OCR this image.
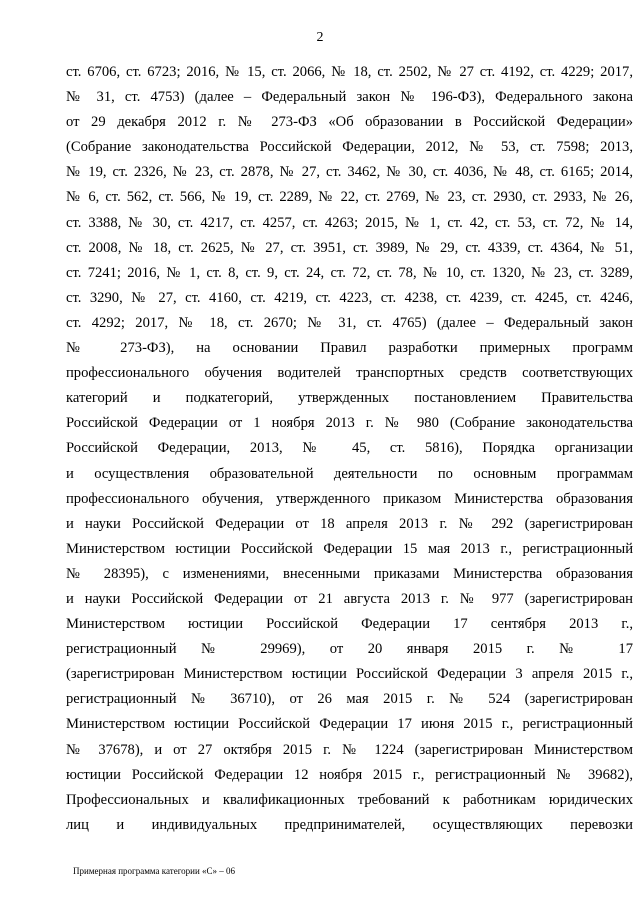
2
ст. 6706, ст. 6723; 2016, № 15, ст. 2066, № 18, ст. 2502, № 27 ст. 4192, ст. 4229; 2017,
№ 31, ст. 4753) (далее – Федеральный закон № 196-ФЗ), Федерального закона
от 29 декабря 2012 г. № 273-ФЗ «Об образовании в Российской Федерации»
(Собрание законодательства Российской Федерации, 2012, № 53, ст. 7598; 2013,
№ 19, ст. 2326, № 23, ст. 2878, № 27, ст. 3462, № 30, ст. 4036, № 48, ст. 6165; 2014,
№ 6, ст. 562, ст. 566, № 19, ст. 2289, № 22, ст. 2769, № 23, ст. 2930, ст. 2933, № 26,
ст. 3388, № 30, ст. 4217, ст. 4257, ст. 4263; 2015, № 1, ст. 42, ст. 53, ст. 72, № 14,
ст. 2008, № 18, ст. 2625, № 27, ст. 3951, ст. 3989, № 29, ст. 4339, ст. 4364, № 51,
ст. 7241; 2016, № 1, ст. 8, ст. 9, ст. 24, ст. 72, ст. 78, № 10, ст. 1320, № 23, ст. 3289,
ст. 3290, № 27, ст. 4160, ст. 4219, ст. 4223, ст. 4238, ст. 4239, ст. 4245, ст. 4246,
ст. 4292; 2017, № 18, ст. 2670; № 31, ст. 4765) (далее – Федеральный закон
№ 273-ФЗ), на основании Правил разработки примерных программ
профессионального обучения водителей транспортных средств соответствующих
категорий и подкатегорий, утвержденных постановлением Правительства
Российской Федерации от 1 ноября 2013 г. № 980 (Собрание законодательства
Российской Федерации, 2013, № 45, ст. 5816), Порядка организации
и осуществления образовательной деятельности по основным программам
профессионального обучения, утвержденного приказом Министерства образования
и науки Российской Федерации от 18 апреля 2013 г. № 292 (зарегистрирован
Министерством юстиции Российской Федерации 15 мая 2013 г., регистрационный
№ 28395), с изменениями, внесенными приказами Министерства образования
и науки Российской Федерации от 21 августа 2013 г. № 977 (зарегистрирован
Министерством юстиции Российской Федерации 17 сентября 2013 г.,
регистрационный № 29969), от 20 января 2015 г. № 17
(зарегистрирован Министерством юстиции Российской Федерации 3 апреля 2015 г.,
регистрационный № 36710), от 26 мая 2015 г. № 524 (зарегистрирован
Министерством юстиции Российской Федерации 17 июня 2015 г., регистрационный
№ 37678), и от 27 октября 2015 г. № 1224 (зарегистрирован Министерством
юстиции Российской Федерации 12 ноября 2015 г., регистрационный № 39682),
Профессиональных и квалификационных требований к работникам юридических
лиц и индивидуальных предпринимателей, осуществляющих перевозки
Примерная программа категории «С» – 06
